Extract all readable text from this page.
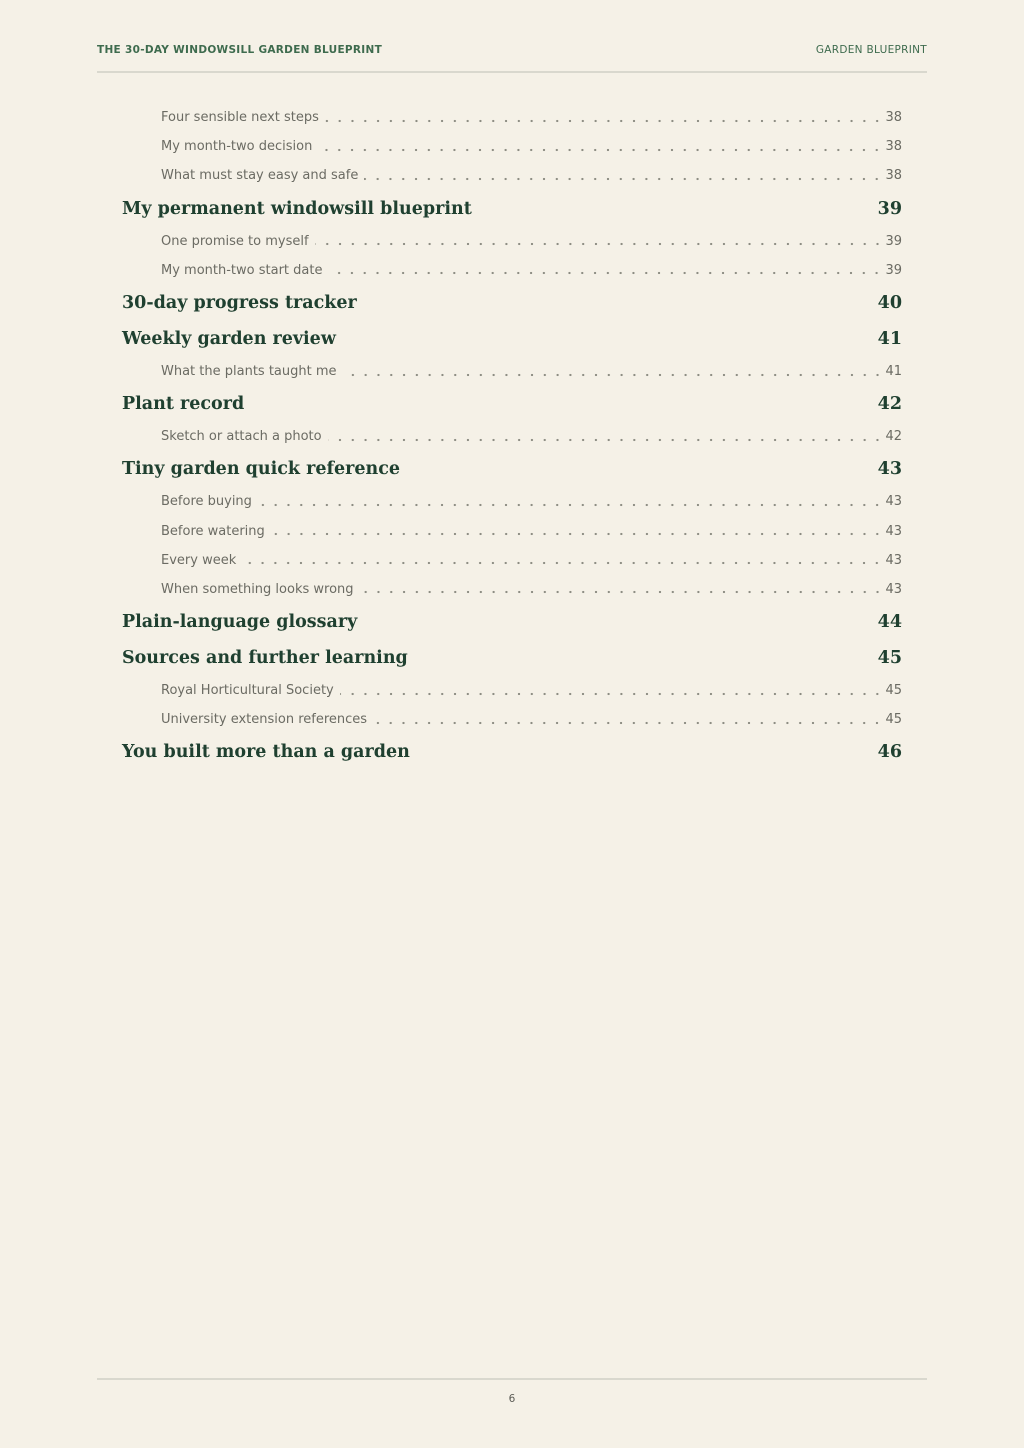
THE 30-DAY WINDOWSILL GARDEN BLUEPRINT	GARDEN BLUEPRINT
Four sensible next steps	38
My month-two decision	38
What must stay easy and safe	38
My permanent windowsill blueprint	39
One promise to myself	39
My month-two start date	39
30-day progress tracker	40
Weekly garden review	41
What the plants taught me	41
Plant record	42
Sketch or attach a photo	42
Tiny garden quick reference	43
Before buying	43
Before watering	43
Every week	43
When something looks wrong	43
Plain-language glossary	44
Sources and further learning	45
Royal Horticultural Society	45
University extension references	45
You built more than a garden	46
6
